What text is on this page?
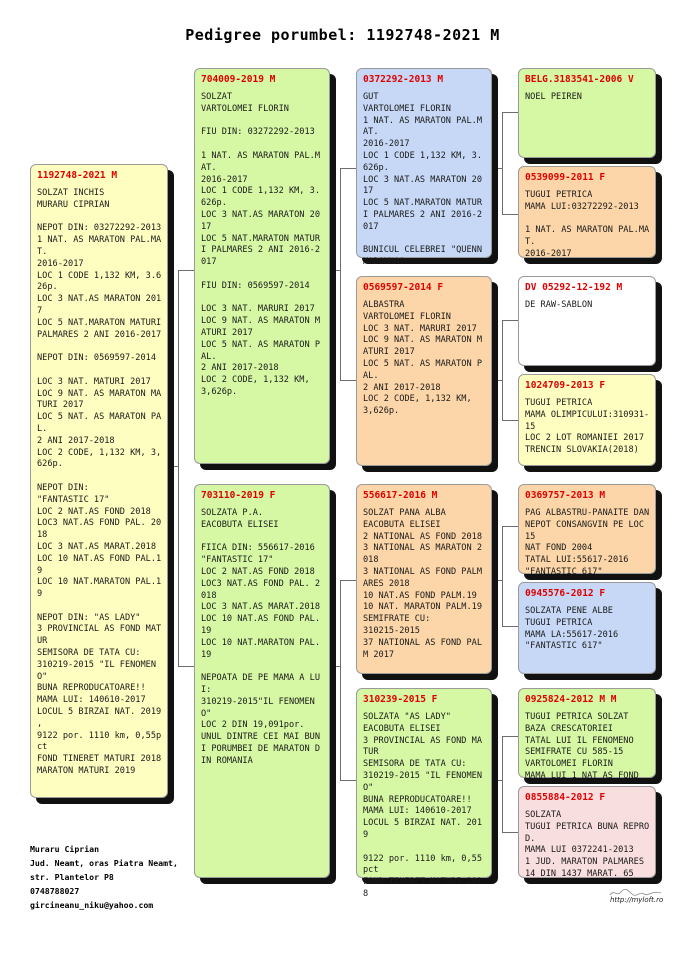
Pedigree porumbel: 1192748-2021 M
1192748-2021 M
SOLZAT INCHIS
MURARU CIPRIAN

NEPOT DIN: 03272292-2013
1 NAT. AS MARATON PAL.MAT.
2016-2017
LOC 1 CODE 1,132 KM, 3.626p.
LOC 3 NAT.AS MARATON 2017
LOC 5 NAT.MARATON MATURI PALMARES 2 ANI 2016-2017

NEPOT DIN: 0569597-2014

LOC 3 NAT. MATURI 2017
LOC 9 NAT. AS MARATON MATURI 2017
LOC 5 NAT. AS MARATON PAL.
2 ANI 2017-2018
LOC 2 CODE, 1,132 KM, 3,626p.

NEPOT DIN:
"FANTASTIC 17"
LOC 2 NAT.AS FOND 2018
LOC3 NAT.AS FOND PAL. 2018
LOC 3 NAT.AS MARAT.2018
LOC 10 NAT.AS FOND PAL.19
LOC 10 NAT.MARATON PAL.19

NEPOT DIN: "AS LADY"
3 PROVINCIAL AS FOND MATUR
SEMISORA DE TATA CU:
310219-2015 "IL FENOMENO"
BUNA REPRODUCATOARE!!
MAMA LUI: 140610-2017
LOCUL 5 BIRZAI NAT. 2019
,
9122 por. 1110 km, 0,55pct
FOND TINERET MATURI 2018
MARATON MATURI 2019
704009-2019 M
SOLZAT
VARTOLOMEI FLORIN

FIU DIN: 03272292-2013

1 NAT. AS MARATON PAL.MAT.
2016-2017
LOC 1 CODE 1,132 KM, 3.626p.
LOC 3 NAT.AS MARATON 2017
LOC 5 NAT.MARATON MATURI PALMARES 2 ANI 2016-2017

FIU DIN: 0569597-2014

LOC 3 NAT. MARURI 2017
LOC 9 NAT. AS MARATON MATURI 2017
LOC 5 NAT. AS MARATON PAL.
2 ANI 2017-2018
LOC 2 CODE, 1,132 KM, 3,626p.
703110-2019 F
SOLZATA P.A.
EACOBUTA ELISEI

FIICA DIN: 556617-2016
"FANTASTIC 17"
LOC 2 NAT.AS FOND 2018
LOC3 NAT.AS FOND PAL. 2018
LOC 3 NAT.AS MARAT.2018
LOC 10 NAT.AS FOND PAL.19
LOC 10 NAT.MARATON PAL.19

NEPOATA DE PE MAMA A LUI:
310219-2015"IL FENOMENO"
LOC 2 DIN 19,091por.
UNUL DINTRE CEI MAI BUNI PORUMBEI DE MARATON DIN ROMANIA
0372292-2013 M
GUT
VARTOLOMEI FLORIN
1 NAT. AS MARATON PAL.MAT.
2016-2017
LOC 1 CODE 1,132 KM, 3.626p.
LOC 3 NAT.AS MARATON 2017
LOC 5 NAT.MARATON MATURI PALMARES 2 ANI 2016-2017

BUNICUL CELEBREI "QUENN MADONNA"
0569597-2014 F
ALBASTRA
VARTOLOMEI FLORIN
LOC 3 NAT. MARURI 2017
LOC 9 NAT. AS MARATON MATURI 2017
LOC 5 NAT. AS MARATON PAL.
2 ANI 2017-2018
LOC 2 CODE, 1,132 KM, 3,626p.
556617-2016 M
SOLZAT PANA ALBA
EACOBUTA ELISEI
2 NATIONAL AS FOND 2018
3 NATIONAL AS MARATON 2018
3 NATIONAL AS FOND PALMARES 2018
10 NAT.AS FOND PALM.19
10 NAT. MARATON PALM.19
SEMIFRATE CU:
310215-2015
37 NATIONAL AS FOND PALM 2017
310239-2015 F
SOLZATA "AS LADY"
EACOBUTA ELISEI
3 PROVINCIAL AS FOND MATUR
SEMISORA DE TATA CU:
310219-2015 "IL FENOMENO"
BUNA REPRODUCATOARE!!
MAMA LUI: 140610-2017
LOCUL 5 BIRZAI NAT. 2019

9122 por. 1110 km, 0,55pct
FOND TINERET MATURI 2018
BELG.3183541-2006 V
NOEL PEIREN
0539099-2011 F
TUGUI PETRICA
MAMA LUI:03272292-2013

1 NAT. AS MARATON PAL.MAT.
2016-2017
DV 05292-12-192 M
DE RAW-SABLON
1024709-2013 F
TUGUI PETRICA
MAMA OLIMPICULUI:310931-15
LOC 2 LOT ROMANIEI 2017
TRENCIN SLOVAKIA(2018)
0369757-2013 M
PAG ALBASTRU-PANAITE DAN
NEPOT CONSANGVIN PE LOC 15
NAT FOND 2004
TATAL LUI:55617-2016
"FANTASTIC 617"
0945576-2012 F
SOLZATA PENE ALBE
TUGUI PETRICA
MAMA LA:55617-2016
"FANTASTIC 617"
0925824-2012 M M
TUGUI PETRICA SOLZAT
BAZA CRESCATORIEI
TATAL LUI IL FENOMENO
SEMIFRATE CU 585-15
VARTOLOMEI FLORIN
MAMA LUI 1 NAT AS FOND
0855884-2012 F
SOLZATA
TUGUI PETRICA BUNA REPROD.
MAMA LUI 0372241-2013
1 JUD. MARATON PALMARES
14 DIN 1437 MARAT. 65
Muraru Ciprian
Jud. Neamt, oras Piatra Neamt,
str. Plantelor P8
0748788027
gircineanu_niku@yahoo.com	http://myloft.ro
